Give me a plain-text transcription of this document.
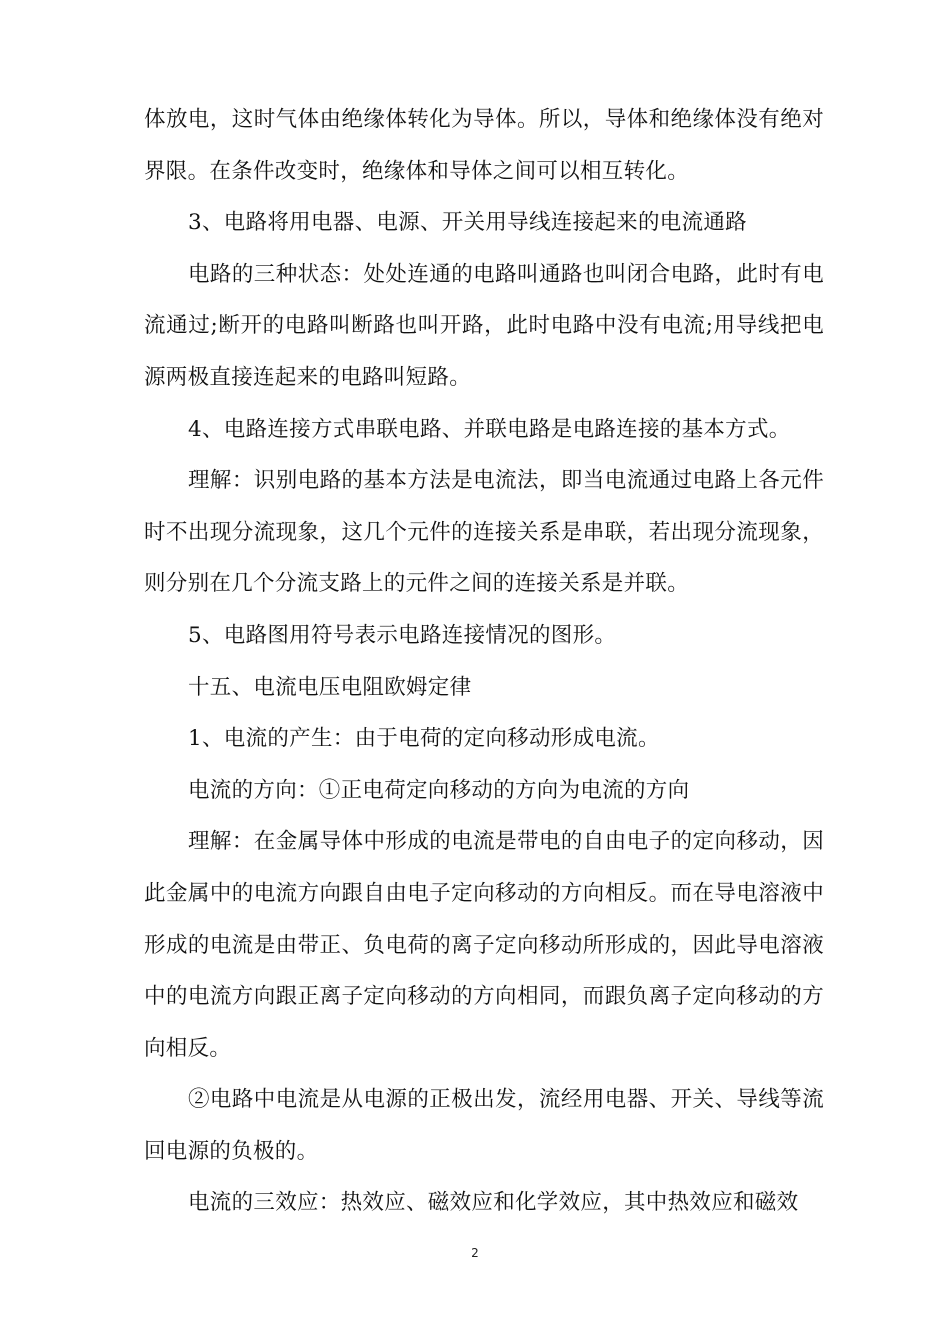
体放电，这时气体由绝缘体转化为导体。所以，导体和绝缘体没有绝对界限。在条件改变时，绝缘体和导体之间可以相互转化。

3、电路将用电器、电源、开关用导线连接起来的电流通路

电路的三种状态：处处连通的电路叫通路也叫闭合电路，此时有电流通过;断开的电路叫断路也叫开路，此时电路中没有电流;用导线把电源两极直接连起来的电路叫短路。

4、电路连接方式串联电路、并联电路是电路连接的基本方式。

理解：识别电路的基本方法是电流法，即当电流通过电路上各元件时不出现分流现象，这几个元件的连接关系是串联，若出现分流现象，则分别在几个分流支路上的元件之间的连接关系是并联。

5、电路图用符号表示电路连接情况的图形。

十五、电流电压电阻欧姆定律

1、电流的产生：由于电荷的定向移动形成电流。

电流的方向：①正电荷定向移动的方向为电流的方向

理解：在金属导体中形成的电流是带电的自由电子的定向移动，因此金属中的电流方向跟自由电子定向移动的方向相反。而在导电溶液中形成的电流是由带正、负电荷的离子定向移动所形成的，因此导电溶液中的电流方向跟正离子定向移动的方向相同，而跟负离子定向移动的方向相反。

②电路中电流是从电源的正极出发，流经用电器、开关、导线等流回电源的负极的。

电流的三效应：热效应、磁效应和化学效应，其中热效应和磁效

2
